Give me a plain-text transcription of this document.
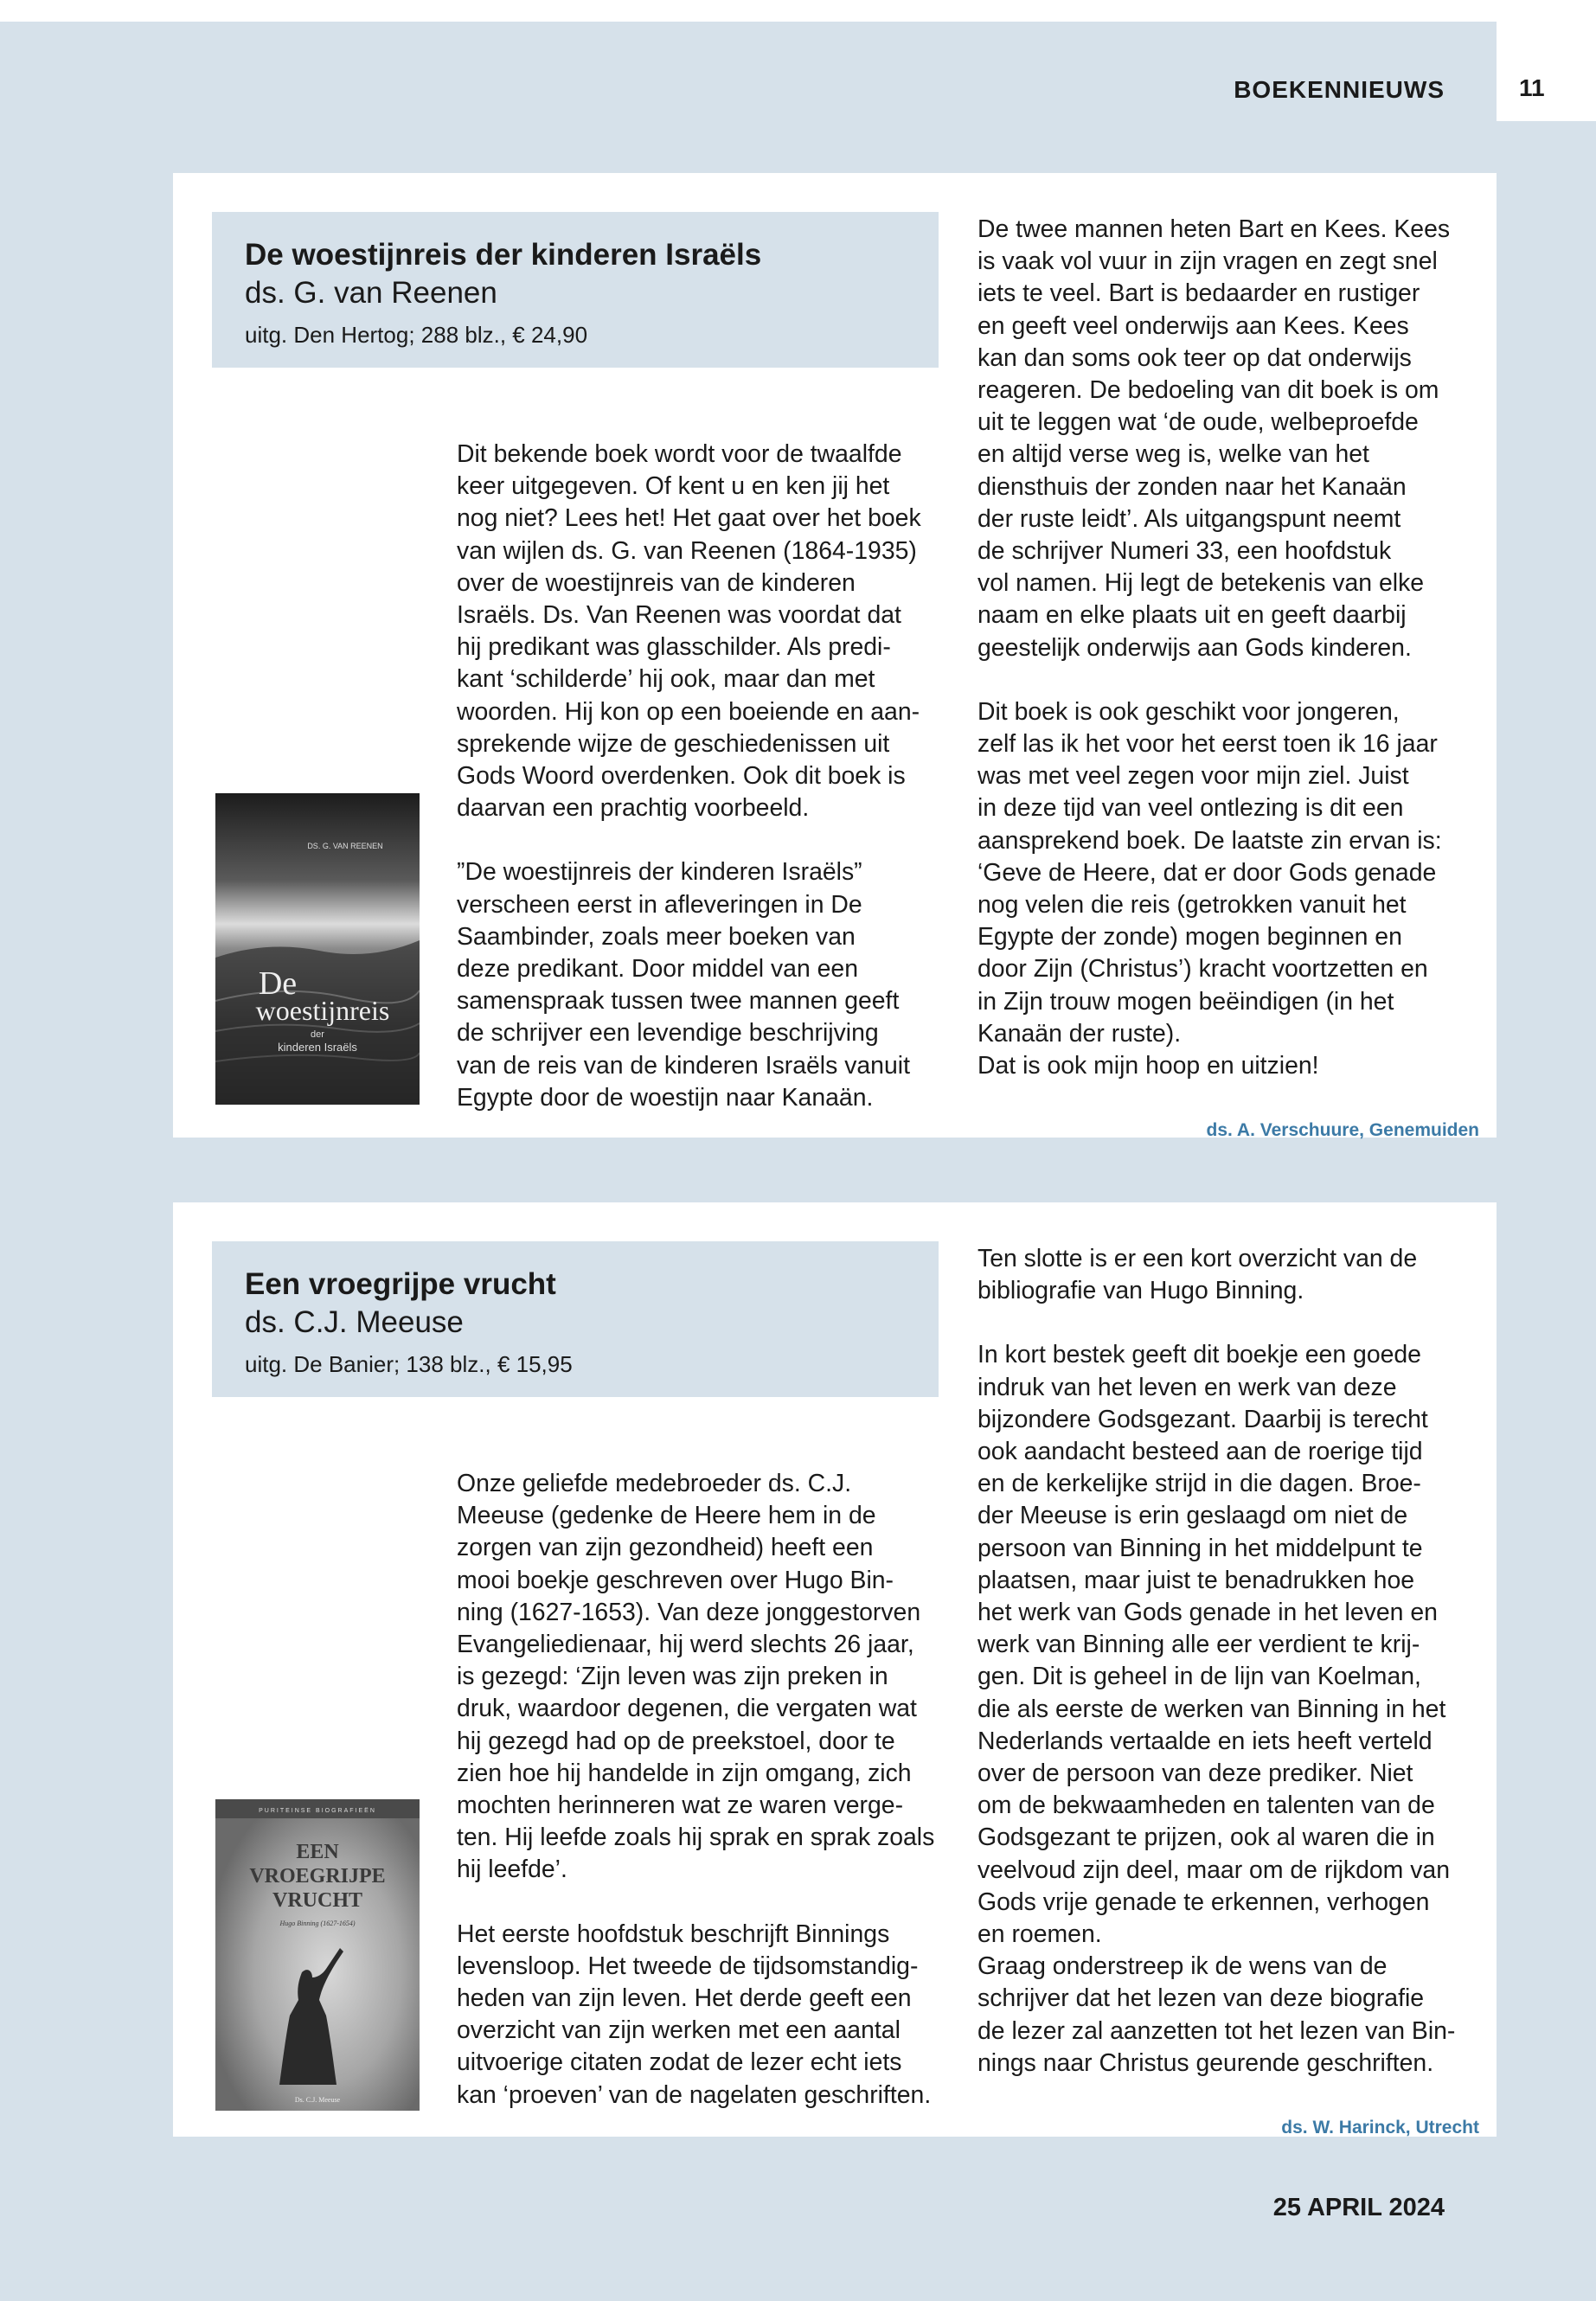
BOEKENNIEUWS	11
De woestijnreis der kinderen Israëls
ds. G. van Reenen
uitg. Den Hertog; 288 blz., € 24,90
DS. G. VAN REENEN
De
woestijnreis
der
kinderen Israëls

Dit bekende boek wordt voor de twaalfde
keer uitgegeven. Of kent u en ken jij het
nog niet? Lees het! Het gaat over het boek
van wijlen ds. G. van Reenen (1864-1935)
over de woestijnreis van de kinderen
Israëls. Ds. Van Reenen was voordat dat
hij predikant was glasschilder. Als predi-
kant ‘schilderde’ hij ook, maar dan met
woorden. Hij kon op een boeiende en aan-
sprekende wijze de geschiedenissen uit
Gods Woord overdenken. Ook dit boek is
daarvan een prachtig voorbeeld.

”De woestijnreis der kinderen Israëls”
verscheen eerst in afleveringen in De
Saambinder, zoals meer boeken van
deze predikant. Door middel van een
samenspraak tussen twee mannen geeft
de schrijver een levendige beschrijving
van de reis van de kinderen Israëls vanuit
Egypte door de woestijn naar Kanaän.

De twee mannen heten Bart en Kees. Kees
is vaak vol vuur in zijn vragen en zegt snel
iets te veel. Bart is bedaarder en rustiger
en geeft veel onderwijs aan Kees. Kees
kan dan soms ook teer op dat onderwijs
reageren. De bedoeling van dit boek is om
uit te leggen wat ‘de oude, welbeproefde
en altijd verse weg is, welke van het
diensthuis der zonden naar het Kanaän
der ruste leidt’. Als uitgangspunt neemt
de schrijver Numeri 33, een hoofdstuk
vol namen. Hij legt de betekenis van elke
naam en elke plaats uit en geeft daarbij
geestelijk onderwijs aan Gods kinderen.

Dit boek is ook geschikt voor jongeren,
zelf las ik het voor het eerst toen ik 16 jaar
was met veel zegen voor mijn ziel. Juist
in deze tijd van veel ontlezing is dit een
aansprekend boek. De laatste zin ervan is:
‘Geve de Heere, dat er door Gods genade
nog velen die reis (getrokken vanuit het
Egypte der zonde) mogen beginnen en
door Zijn (Christus’) kracht voortzetten en
in Zijn trouw mogen beëindigen (in het
Kanaän der ruste).
Dat is ook mijn hoop en uitzien!

ds. A. Verschuure, Genemuiden
Een vroegrijpe vrucht
ds. C.J. Meeuse
uitg. De Banier; 138 blz., € 15,95
PURITEINSE BIOGRAFIEËN
EEN
VROEGRIJPE
VRUCHT
Hugo Binning (1627-1654)
Ds. C.J. Meeuse

Onze geliefde medebroeder ds. C.J.
Meeuse (gedenke de Heere hem in de
zorgen van zijn gezondheid) heeft een
mooi boekje geschreven over Hugo Bin-
ning (1627-1653). Van deze jonggestorven
Evangeliedienaar, hij werd slechts 26 jaar,
is gezegd: ‘Zijn leven was zijn preken in
druk, waardoor degenen, die vergaten wat
hij gezegd had op de preekstoel, door te
zien hoe hij handelde in zijn omgang, zich
mochten herinneren wat ze waren verge-
ten. Hij leefde zoals hij sprak en sprak zoals
hij leefde’.

Het eerste hoofdstuk beschrijft Binnings
levensloop. Het tweede de tijdsomstandig-
heden van zijn leven. Het derde geeft een
overzicht van zijn werken met een aantal
uitvoerige citaten zodat de lezer echt iets
kan ‘proeven’ van de nagelaten geschriften.

Ten slotte is er een kort overzicht van de
bibliografie van Hugo Binning.

In kort bestek geeft dit boekje een goede
indruk van het leven en werk van deze
bijzondere Godsgezant. Daarbij is terecht
ook aandacht besteed aan de roerige tijd
en de kerkelijke strijd in die dagen. Broe-
der Meeuse is erin geslaagd om niet de
persoon van Binning in het middelpunt te
plaatsen, maar juist te benadrukken hoe
het werk van Gods genade in het leven en
werk van Binning alle eer verdient te krij-
gen. Dit is geheel in de lijn van Koelman,
die als eerste de werken van Binning in het
Nederlands vertaalde en iets heeft verteld
over de persoon van deze prediker. Niet
om de bekwaamheden en talenten van de
Godsgezant te prijzen, ook al waren die in
veelvoud zijn deel, maar om de rijkdom van
Gods vrije genade te erkennen, verhogen
en roemen.
Graag onderstreep ik de wens van de
schrijver dat het lezen van deze biografie
de lezer zal aanzetten tot het lezen van Bin-
nings naar Christus geurende geschriften.

ds. W. Harinck, Utrecht
25 APRIL 2024
